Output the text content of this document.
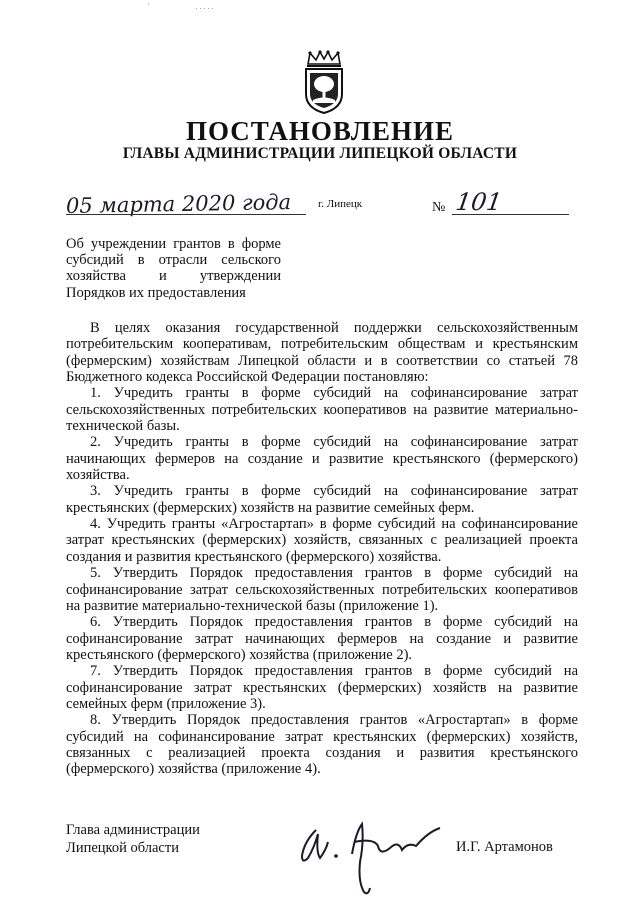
'                       . . . . .
ПОСТАНОВЛЕНИЕ
ГЛАВЫ АДМИНИСТРАЦИИ ЛИПЕЦКОЙ ОБЛАСТИ
05 марта 2020 года г. Липецк	№ 101
Об учреждении грантов в форме субсидий в отрасли сельского хозяйства и утверждении Порядков их предоставления

В целях оказания государственной поддержки сельскохозяйственным потребительским кооперативам, потребительским обществам и крестьянским (фермерским) хозяйствам Липецкой области и в соответствии со статьей 78 Бюджетного кодекса Российской Федерации постановляю:

1. Учредить гранты в форме субсидий на софинансирование затрат сельскохозяйственных потребительских кооперативов на развитие материально-технической базы.

2. Учредить гранты в форме субсидий на софинансирование затрат начинающих фермеров на создание и развитие крестьянского (фермерского) хозяйства.

3. Учредить гранты в форме субсидий на софинансирование затрат крестьянских (фермерских) хозяйств на развитие семейных ферм.

4. Учредить гранты «Агростартап» в форме субсидий на софинансирование затрат крестьянских (фермерских) хозяйств, связанных с реализацией проекта создания и развития крестьянского (фермерского) хозяйства.

5. Утвердить Порядок предоставления грантов в форме субсидий на софинансирование затрат сельскохозяйственных потребительских кооперативов на развитие материально-технической базы (приложение 1).

6. Утвердить Порядок предоставления грантов в форме субсидий на софинансирование затрат начинающих фермеров на создание и развитие крестьянского (фермерского) хозяйства (приложение 2).

7. Утвердить Порядок предоставления грантов в форме субсидий на софинансирование затрат крестьянских (фермерских) хозяйств на развитие семейных ферм (приложение 3).

8. Утвердить Порядок предоставления грантов «Агростартап» в форме субсидий на софинансирование затрат крестьянских (фермерских) хозяйств, связанных с реализацией проекта создания и развития крестьянского (фермерского) хозяйства (приложение 4).

Глава администрации
Липецкой области	И.Г. Артамонов
